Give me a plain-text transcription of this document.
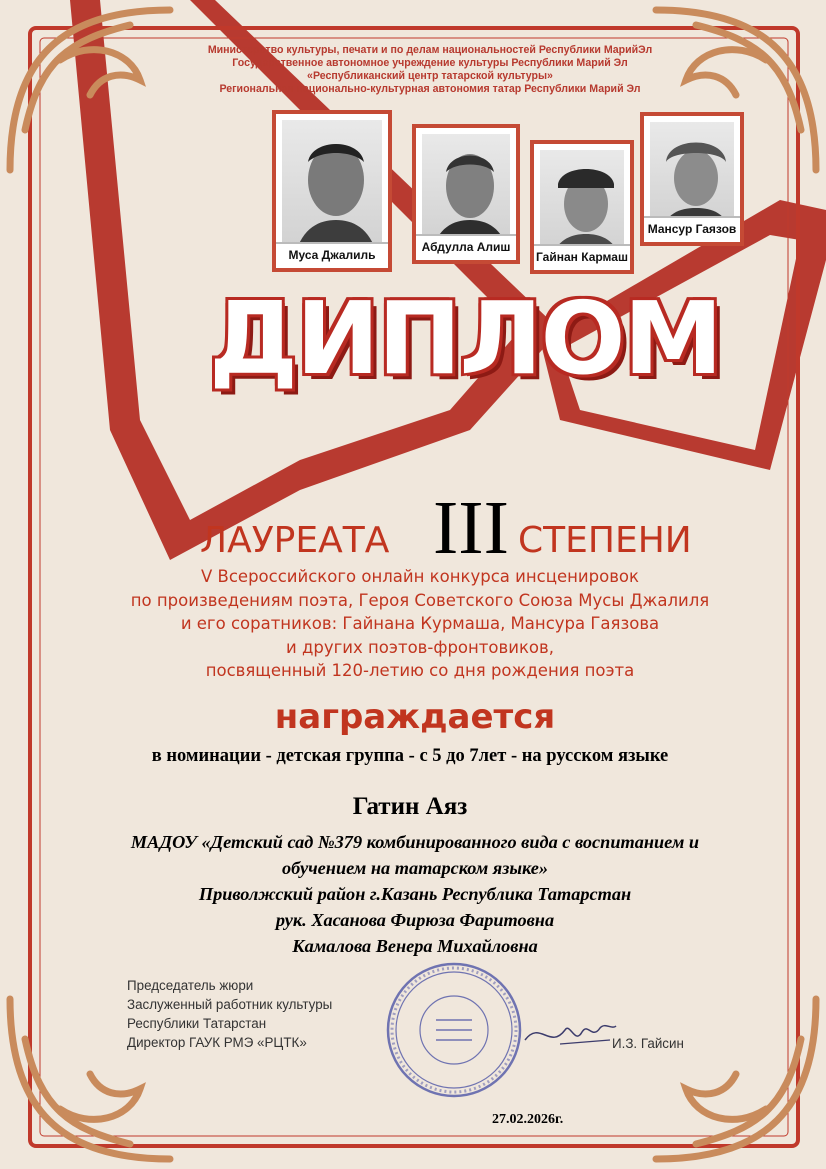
Министерство культуры, печати и по делам национальностей Республики МарийЭл
Государственное автономное учреждение культуры Республики Марий Эл
«Республиканский центр татарской культуры»
Региональная национально-культурная автономия татар Республики Марий Эл
Муса Джалиль
Абдулла Алиш
Гайнан Кармаш
Мансур Гаязов
ДИПЛОМ
ЛАУРЕАТА III СТЕПЕНИ
V Всероссийского онлайн конкурса инсценировок
по произведениям поэта, Героя Советского Союза Мусы Джалиля
и его соратников: Гайнана Курмаша, Мансура Гаязова
и других поэтов-фронтовиков,
посвященный 120-летию со дня рождения поэта
награждается
в номинации - детская группа - с 5 до 7лет - на русском языке
Гатин Аяз
МАДОУ «Детский сад №379 комбинированного вида с воспитанием и
обучением на татарском языке»
Приволжский район г.Казань Республика Татарстан
рук. Хасанова Фирюза Фаритовна
Камалова Венера Михайловна
Председатель жюри
Заслуженный работник культуры
Республики Татарстан
Директор ГАУК РМЭ «РЦТК»	И.З. Гайсин
27.02.2026г.
